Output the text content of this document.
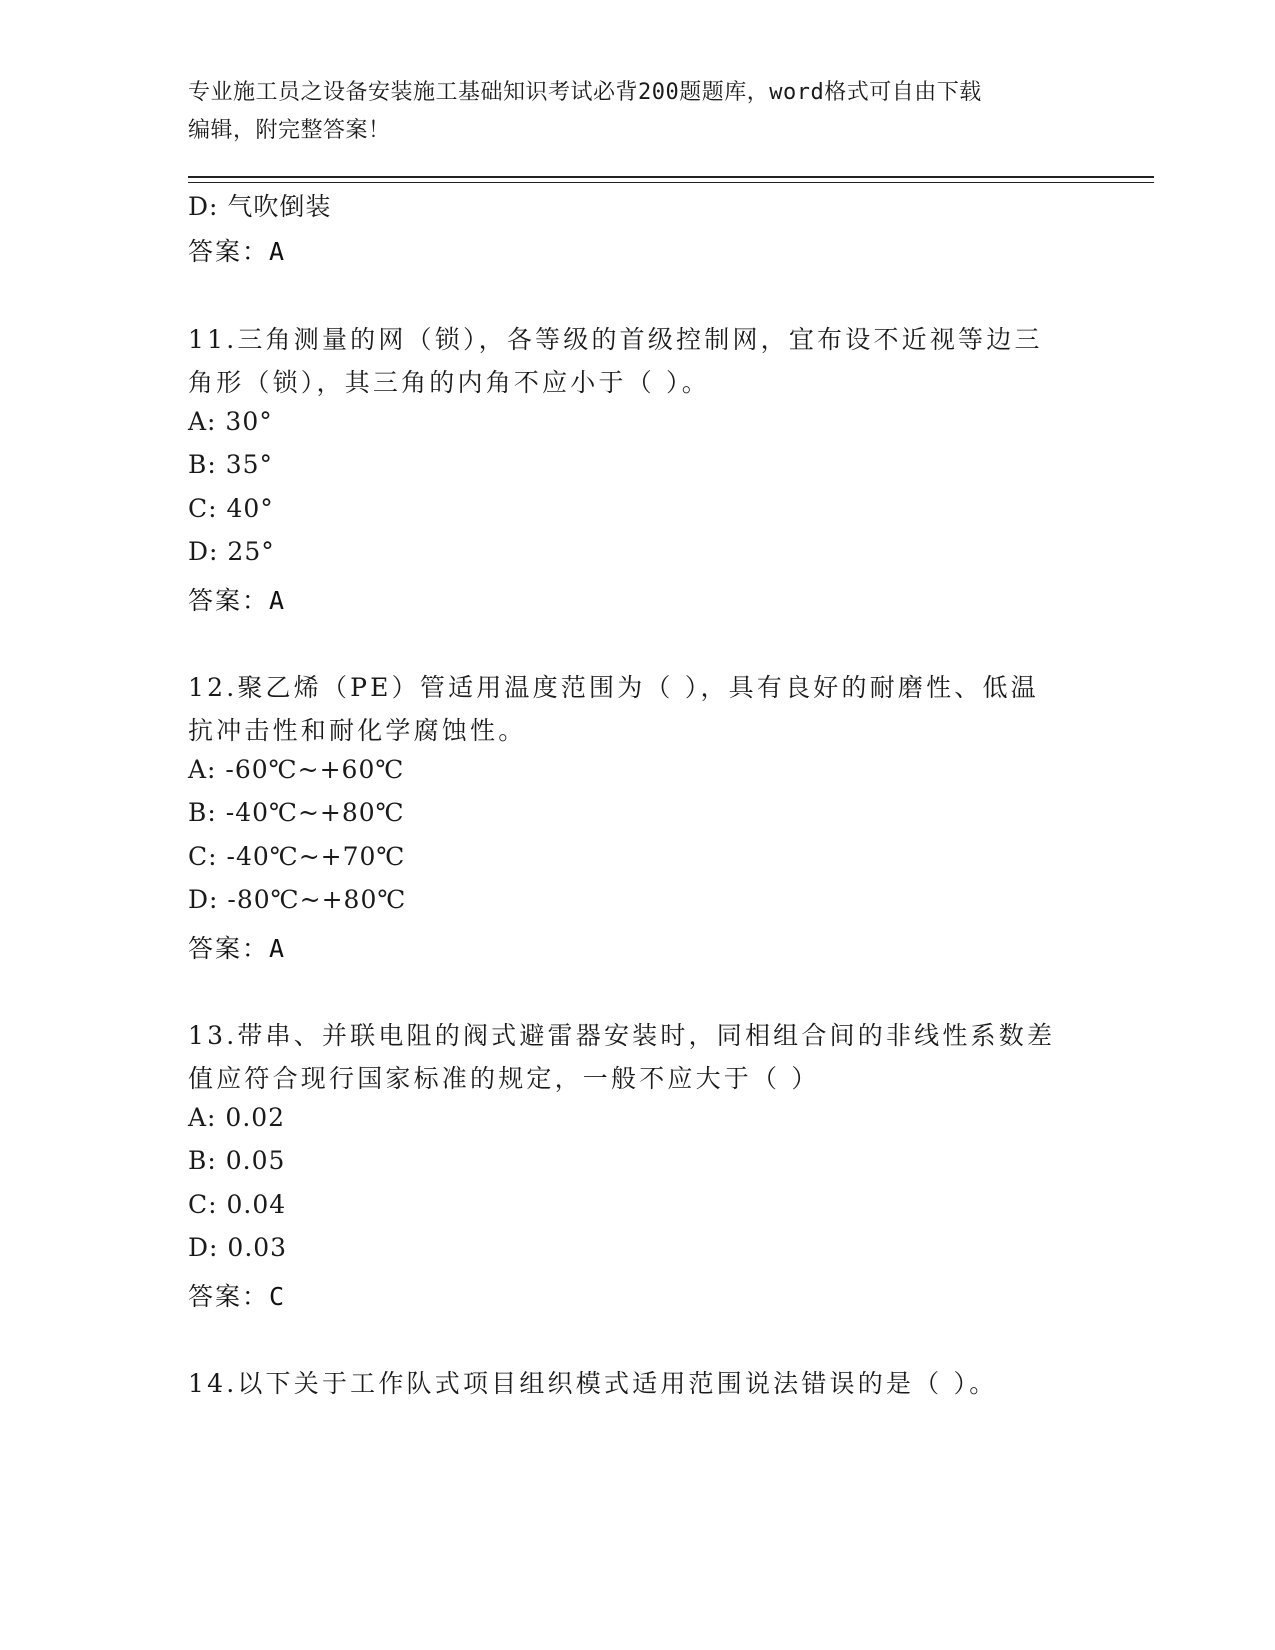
专业施工员之设备安装施工基础知识考试必背200题题库，word格式可自由下载
编辑，附完整答案！
D: 气吹倒装
答案：A
11.三角测量的网（锁），各等级的首级控制网，宜布设不近视等边三
角形（锁），其三角的内角不应小于（ ）。
A: 30°
B: 35°
C: 40°
D: 25°
答案：A
12.聚乙烯（PE）管适用温度范围为（ ），具有良好的耐磨性、低温
抗冲击性和耐化学腐蚀性。
A: -60℃~+60℃
B: -40℃~+80℃
C: -40℃~+70℃
D: -80℃~+80℃
答案：A
13.带串、并联电阻的阀式避雷器安装时，同相组合间的非线性系数差
值应符合现行国家标准的规定，一般不应大于（ ）
A: 0.02
B: 0.05
C: 0.04
D: 0.03
答案：C
14.以下关于工作队式项目组织模式适用范围说法错误的是（ ）。
